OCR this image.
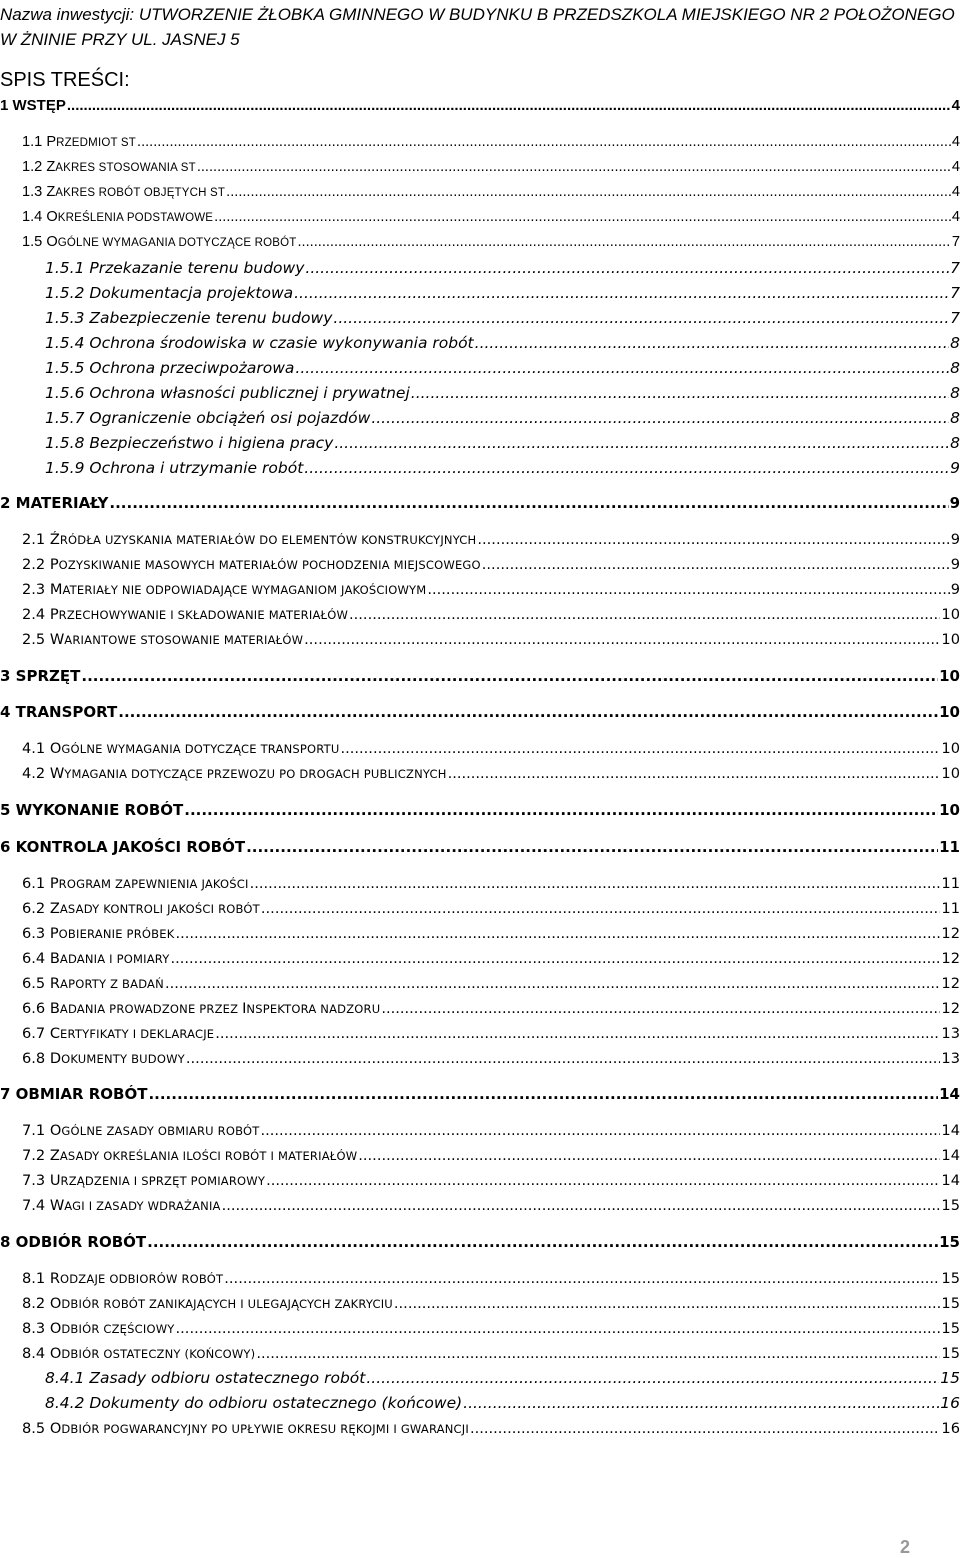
Nazwa inwestycji: UTWORZENIE ŻŁOBKA GMINNEGO W BUDYNKU B PRZEDSZKOLA MIEJSKIEGO NR 2 POŁOŻONEGO W ŻNINIE PRZY UL. JASNEJ 5
SPIS TREŚCI:
1 WSTĘP .....	4
1.1 PRZEDMIOT ST .....	4
1.2 ZAKRES STOSOWANIA ST .....	4
1.3 ZAKRES ROBÓT OBJĘTYCH ST .....	4
1.4 OKREŚLENIA PODSTAWOWE .....	4
1.5 OGÓLNE WYMAGANIA DOTYCZĄCE ROBÓT .....	7
1.5.1 Przekazanie terenu budowy .....	7
1.5.2 Dokumentacja projektowa .....	7
1.5.3 Zabezpieczenie terenu budowy .....	7
1.5.4 Ochrona środowiska w czasie wykonywania robót .....	8
1.5.5 Ochrona przeciwpożarowa .....	8
1.5.6 Ochrona własności publicznej i prywatnej .....	8
1.5.7 Ograniczenie obciążeń osi pojazdów .....	8
1.5.8 Bezpieczeństwo i higiena pracy .....	8
1.5.9 Ochrona i utrzymanie robót .....	9
2 MATERIAŁY .....	9
2.1 ŹRÓDŁA UZYSKANIA MATERIAŁÓW DO ELEMENTÓW KONSTRUKCYJNYCH .....	9
2.2 POZYSKIWANIE MASOWYCH MATERIAŁÓW POCHODZENIA MIEJSCOWEGO .....	9
2.3 MATERIAŁY NIE ODPOWIADAJĄCE WYMAGANIOM JAKOŚCIOWYM .....	9
2.4 PRZECHOWYWANIE I SKŁADOWANIE MATERIAŁÓW .....	10
2.5 WARIANTOWE STOSOWANIE MATERIAŁÓW .....	10
3 SPRZĘT .....	10
4 TRANSPORT .....	10
4.1 OGÓLNE WYMAGANIA DOTYCZĄCE TRANSPORTU .....	10
4.2 WYMAGANIA DOTYCZĄCE PRZEWOZU PO DROGACH PUBLICZNYCH .....	10
5 WYKONANIE ROBÓT .....	10
6 KONTROLA JAKOŚCI ROBÓT .....	11
6.1 PROGRAM ZAPEWNIENIA JAKOŚCI .....	11
6.2 ZASADY KONTROLI JAKOŚCI ROBÓT .....	11
6.3 POBIERANIE PRÓBEK .....	12
6.4 BADANIA I POMIARY .....	12
6.5 RAPORTY Z BADAŃ .....	12
6.6 BADANIA PROWADZONE PRZEZ INSPEKTORA NADZORU .....	12
6.7 CERTYFIKATY I DEKLARACJE .....	13
6.8 DOKUMENTY BUDOWY .....	13
7 OBMIAR ROBÓT .....	14
7.1 OGÓLNE ZASADY OBMIARU ROBÓT .....	14
7.2 ZASADY OKREŚLANIA ILOŚCI ROBÓT I MATERIAŁÓW .....	14
7.3 URZĄDZENIA I SPRZĘT POMIAROWY .....	14
7.4 WAGI I ZASADY WDRAŻANIA .....	15
8 ODBIÓR ROBÓT .....	15
8.1 RODZAJE ODBIORÓW ROBÓT .....	15
8.2 ODBIÓR ROBÓT ZANIKAJĄCYCH I ULEGAJĄCYCH ZAKRYCIU .....	15
8.3 ODBIÓR CZĘŚCIOWY .....	15
8.4 ODBIÓR OSTATECZNY (KOŃCOWY) .....	15
8.4.1 Zasady odbioru ostatecznego robót .....	15
8.4.2 Dokumenty do odbioru ostatecznego (końcowe) .....	16
8.5 ODBIÓR POGWARANCYJNY PO UPŁYWIE OKRESU RĘKOJMI I GWARANCJI .....	16
2
